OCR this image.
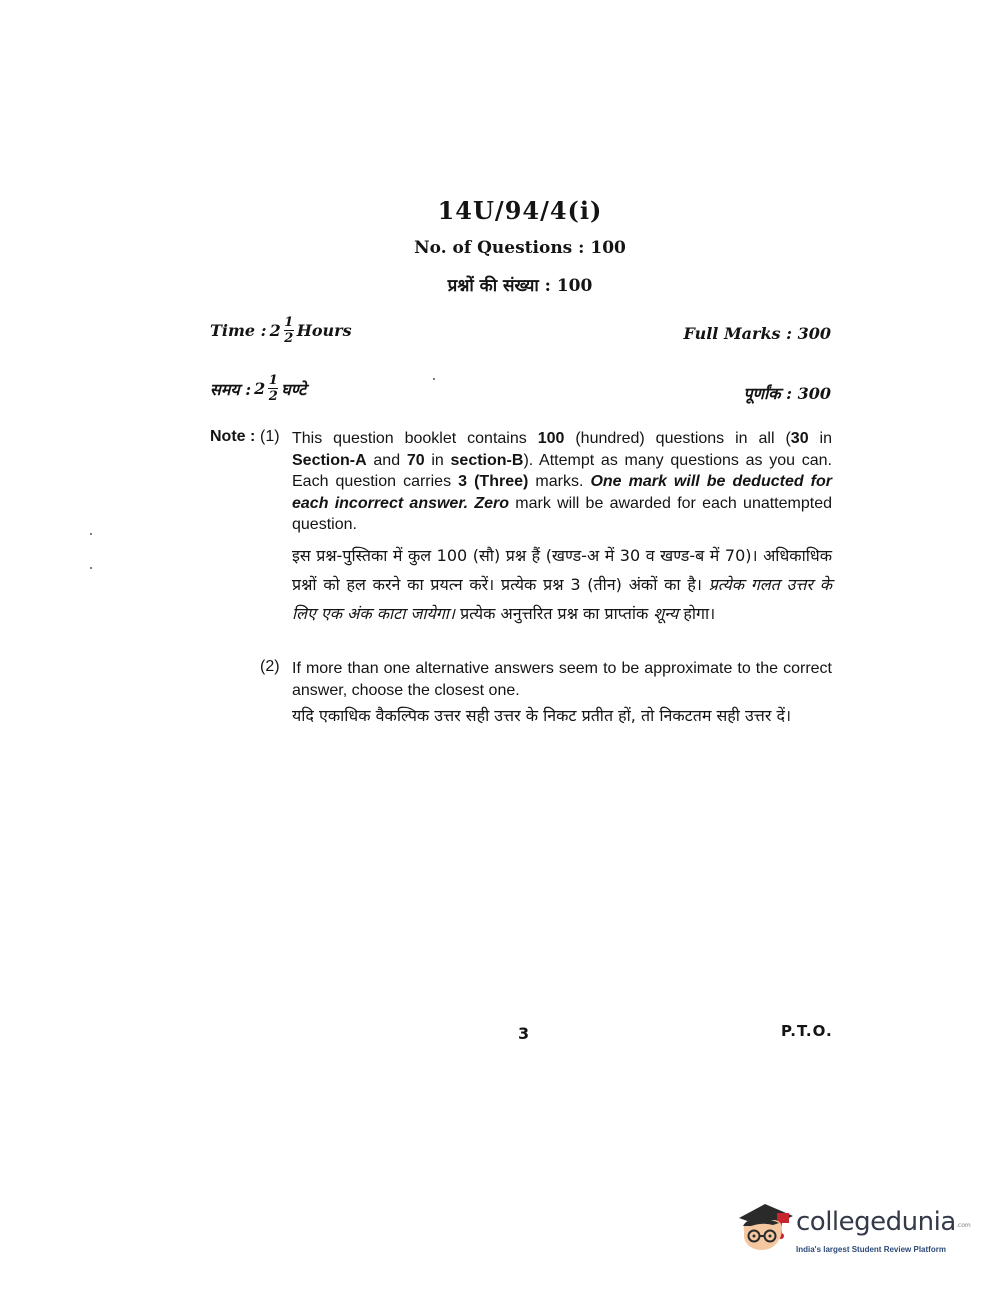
14U/94/4(i)
No. of Questions : 100
प्रश्नों की संख्या : 100
Time : $2 \frac{1}{2}$ Hours	Full Marks : 300
समय : $2 \frac{1}{2}$ घण्टे	पूर्णांक : 300
Note : (1) This question booklet contains 100 (hundred) questions in all (30 in Section-A and 70 in section-B). Attempt as many questions as you can. Each question carries 3 (Three) marks. One mark will be deducted for each incorrect answer. Zero mark will be awarded for each unattempted question.
इस प्रश्न-पुस्तिका में कुल 100 (सौ) प्रश्न हैं (खण्ड-अ में 30 व खण्ड-ब में 70)। अधिकाधिक प्रश्नों को हल करने का प्रयत्न करें। प्रत्येक प्रश्न 3 (तीन) अंकों का है। प्रत्येक गलत उत्तर के लिए एक अंक काटा जायेगा। प्रत्येक अनुत्तरित प्रश्न का प्राप्तांक शून्य होगा।
(2) If more than one alternative answers seem to be approximate to the correct answer, choose the closest one.
यदि एकाधिक वैकल्पिक उत्तर सही उत्तर के निकट प्रतीत हों, तो निकटतम सही उत्तर दें।
3	P.T.O.
collegedunia .com
India's largest Student Review Platform
